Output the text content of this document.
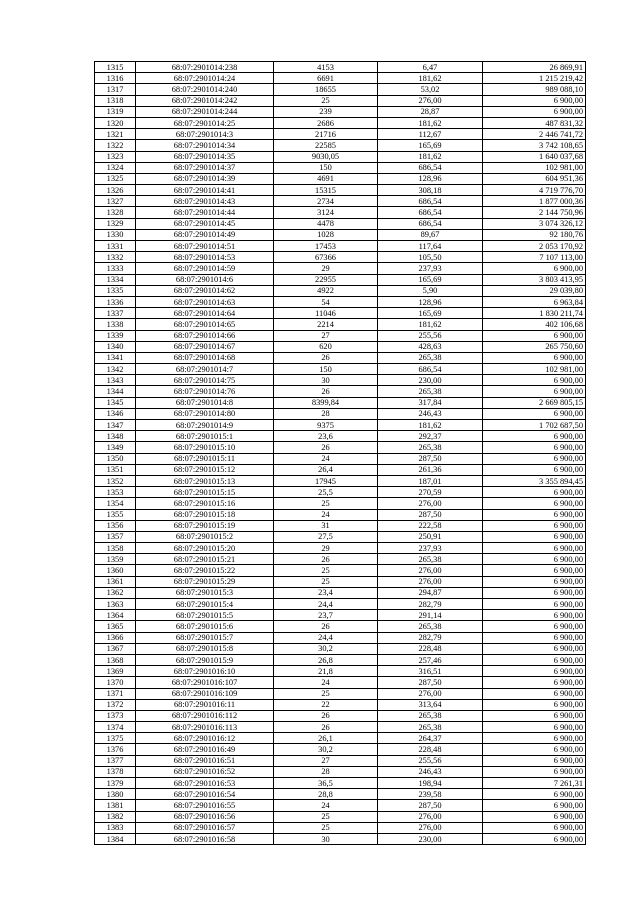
1315	68:07:2901014:238	4153	6,47	26 869,91
1316	68:07:2901014:24	6691	181,62	1 215 219,42
1317	68:07:2901014:240	18655	53,02	989 088,10
1318	68:07:2901014:242	25	276,00	6 900,00
1319	68:07:2901014:244	239	28,87	6 900,00
1320	68:07:2901014:25	2686	181,62	487 831,32
1321	68:07:2901014:3	21716	112,67	2 446 741,72
1322	68:07:2901014:34	22585	165,69	3 742 108,65
1323	68:07:2901014:35	9030,05	181,62	1 640 037,68
1324	68:07:2901014:37	150	686,54	102 981,00
1325	68:07:2901014:39	4691	128,96	604 951,36
1326	68:07:2901014:41	15315	308,18	4 719 776,70
1327	68:07:2901014:43	2734	686,54	1 877 000,36
1328	68:07:2901014:44	3124	686,54	2 144 750,96
1329	68:07:2901014:45	4478	686,54	3 074 326,12
1330	68:07:2901014:49	1028	89,67	92 180,76
1331	68:07:2901014:51	17453	117,64	2 053 170,92
1332	68:07:2901014:53	67366	105,50	7 107 113,00
1333	68:07:2901014:59	29	237,93	6 900,00
1334	68:07:2901014:6	22955	165,69	3 803 413,95
1335	68:07:2901014:62	4922	5,90	29 039,80
1336	68:07:2901014:63	54	128,96	6 963,84
1337	68:07:2901014:64	11046	165,69	1 830 211,74
1338	68:07:2901014:65	2214	181,62	402 106,68
1339	68:07:2901014:66	27	255,56	6 900,00
1340	68:07:2901014:67	620	428,63	265 750,60
1341	68:07:2901014:68	26	265,38	6 900,00
1342	68:07:2901014:7	150	686,54	102 981,00
1343	68:07:2901014:75	30	230,00	6 900,00
1344	68:07:2901014:76	26	265,38	6 900,00
1345	68:07:2901014:8	8399,84	317,84	2 669 805,15
1346	68:07:2901014:80	28	246,43	6 900,00
1347	68:07:2901014:9	9375	181,62	1 702 687,50
1348	68:07:2901015:1	23,6	292,37	6 900,00
1349	68:07:2901015:10	26	265,38	6 900,00
1350	68:07:2901015:11	24	287,50	6 900,00
1351	68:07:2901015:12	26,4	261,36	6 900,00
1352	68:07:2901015:13	17945	187,01	3 355 894,45
1353	68:07:2901015:15	25,5	270,59	6 900,00
1354	68:07:2901015:16	25	276,00	6 900,00
1355	68:07:2901015:18	24	287,50	6 900,00
1356	68:07:2901015:19	31	222,58	6 900,00
1357	68:07:2901015:2	27,5	250,91	6 900,00
1358	68:07:2901015:20	29	237,93	6 900,00
1359	68:07:2901015:21	26	265,38	6 900,00
1360	68:07:2901015:22	25	276,00	6 900,00
1361	68:07:2901015:29	25	276,00	6 900,00
1362	68:07:2901015:3	23,4	294,87	6 900,00
1363	68:07:2901015:4	24,4	282,79	6 900,00
1364	68:07:2901015:5	23,7	291,14	6 900,00
1365	68:07:2901015:6	26	265,38	6 900,00
1366	68:07:2901015:7	24,4	282,79	6 900,00
1367	68:07:2901015:8	30,2	228,48	6 900,00
1368	68:07:2901015:9	26,8	257,46	6 900,00
1369	68:07:2901016:10	21,8	316,51	6 900,00
1370	68:07:2901016:107	24	287,50	6 900,00
1371	68:07:2901016:109	25	276,00	6 900,00
1372	68:07:2901016:11	22	313,64	6 900,00
1373	68:07:2901016:112	26	265,38	6 900,00
1374	68:07:2901016:113	26	265,38	6 900,00
1375	68:07:2901016:12	26,1	264,37	6 900,00
1376	68:07:2901016:49	30,2	228,48	6 900,00
1377	68:07:2901016:51	27	255,56	6 900,00
1378	68:07:2901016:52	28	246,43	6 900,00
1379	68:07:2901016:53	36,5	198,94	7 261,31
1380	68:07:2901016:54	28,8	239,58	6 900,00
1381	68:07:2901016:55	24	287,50	6 900,00
1382	68:07:2901016:56	25	276,00	6 900,00
1383	68:07:2901016:57	25	276,00	6 900,00
1384	68:07:2901016:58	30	230,00	6 900,00
